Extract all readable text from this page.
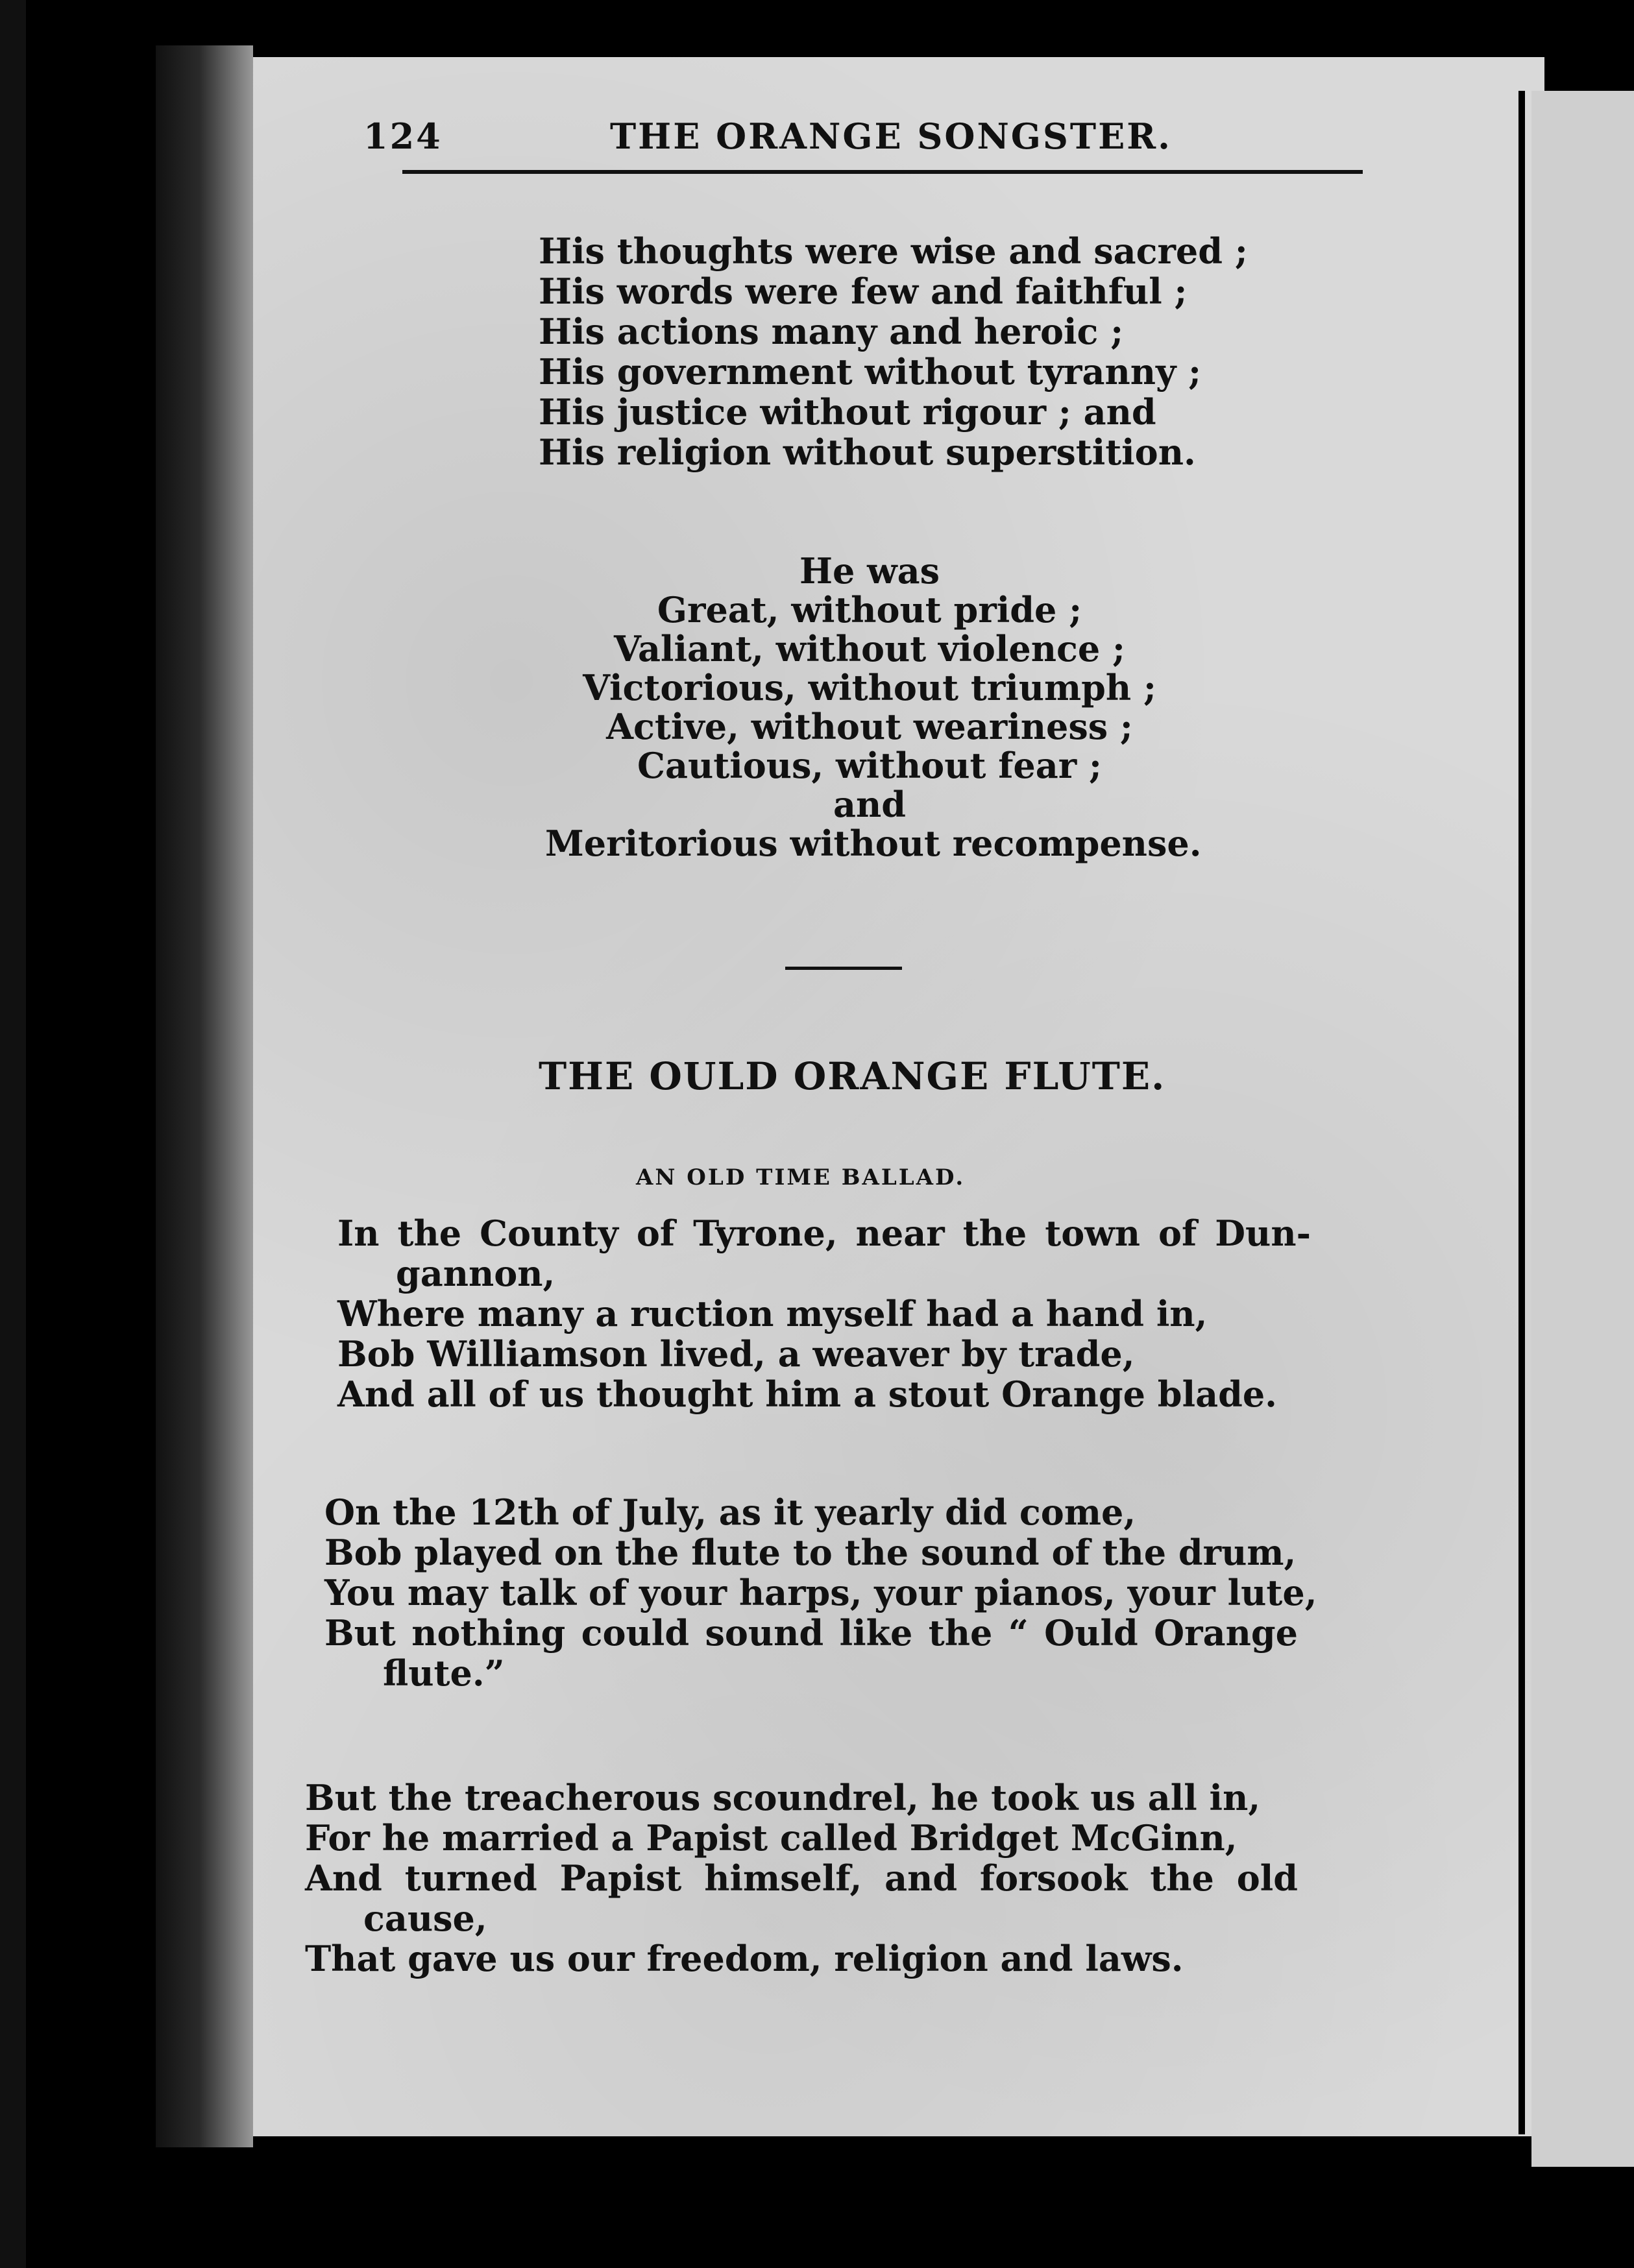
124	THE ORANGE SONGSTER.
His thoughts were wise and sacred ;
His words were few and faithful ;
His actions many and heroic ;
His government without tyranny ;
His justice without rigour ; and
His religion without superstition.
He was
Great, without pride ;
Valiant, without violence ;
Victorious, without triumph ;
Active, without weariness ;
Cautious, without fear ;
and
Meritorious without recompense.
THE OULD ORANGE FLUTE.
AN OLD TIME BALLAD.
In the County of Tyrone, near the town of Dun-
gannon,
Where many a ruction myself had a hand in,
Bob Williamson lived, a weaver by trade,
And all of us thought him a stout Orange blade.
On the 12th of July, as it yearly did come,
Bob played on the flute to the sound of the drum,
You may talk of your harps, your pianos, your lute,
But nothing could sound like the “ Ould Orange
flute.”
But the treacherous scoundrel, he took us all in,
For he married a Papist called Bridget McGinn,
And turned Papist himself, and forsook the old
cause,
That gave us our freedom, religion and laws.
